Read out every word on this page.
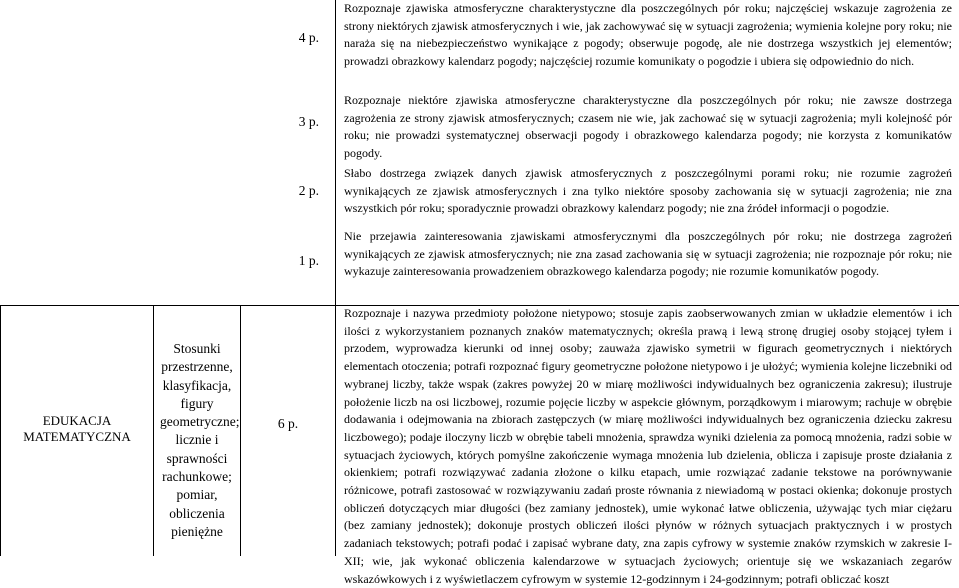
4 p.

Rozpoznaje zjawiska atmosferyczne charakterystyczne dla poszczególnych pór roku; najczęściej wskazuje zagrożenia ze strony niektórych zjawisk atmosferycznych i wie, jak zachowywać się w sytuacji zagrożenia; wymienia kolejne pory roku; nie naraża się na niebezpieczeństwo wynikające z pogody; obserwuje pogodę, ale nie dostrzega wszystkich jej elementów; prowadzi obrazkowy kalendarz pogody; najczęściej rozumie komunikaty o pogodzie i ubiera się odpowiednio do nich.

3 p.

Rozpoznaje niektóre zjawiska atmosferyczne charakterystyczne dla poszczególnych pór roku; nie zawsze dostrzega zagrożenia ze strony zjawisk atmosferycznych; czasem nie wie, jak zachować się w sytuacji zagrożenia; myli kolejność pór roku; nie prowadzi systematycznej obserwacji pogody i obrazkowego kalendarza pogody; nie korzysta z komunikatów pogody.

2 p.

Słabo dostrzega związek danych zjawisk atmosferycznych z poszczególnymi porami roku; nie rozumie zagrożeń wynikających ze zjawisk atmosferycznych i zna tylko niektóre sposoby zachowania się w sytuacji zagrożenia; nie zna wszystkich pór roku; sporadycznie prowadzi obrazkowy kalendarz pogody; nie zna źródeł informacji o pogodzie.

1 p.

Nie przejawia zainteresowania zjawiskami atmosferycznymi dla poszczególnych pór roku; nie dostrzega zagrożeń wynikających ze zjawisk atmosferycznych; nie zna zasad zachowania się w sytuacji zagrożenia; nie rozpoznaje pór roku; nie wykazuje zainteresowania prowadzeniem obrazkowego kalendarza pogody; nie rozumie komunikatów pogody.

EDUKACJA MATEMATYCZNA
Stosunki przestrzenne, klasyfikacja, figury geometryczne; licznie i sprawności rachunkowe; pomiar, obliczenia pieniężne
6 p.

Rozpoznaje i nazywa przedmioty położone nietypowo; stosuje zapis zaobserwowanych zmian w układzie elementów i ich ilości z wykorzystaniem poznanych znaków matematycznych; określa prawą i lewą stronę drugiej osoby stojącej tyłem i przodem, wyprowadza kierunki od innej osoby; zauważa zjawisko symetrii w figurach geometrycznych i niektórych elementach otoczenia; potrafi rozpoznać figury geometryczne położone nietypowo i je ułożyć; wymienia kolejne liczebniki od wybranej liczby, także wspak (zakres powyżej 20 w miarę możliwości indywidualnych bez ograniczenia zakresu); ilustruje położenie liczb na osi liczbowej, rozumie pojęcie liczby w aspekcie głównym, porządkowym i miarowym; rachuje w obrębie dodawania i odejmowania na zbiorach zastępczych (w miarę możliwości indywidualnych bez ograniczenia dziecku zakresu liczbowego); podaje iloczyny liczb w obrębie tabeli mnożenia, sprawdza wyniki dzielenia za pomocą mnożenia, radzi sobie w sytuacjach życiowych, których pomyślne zakończenie wymaga mnożenia lub dzielenia, oblicza i zapisuje proste działania z okienkiem; potrafi rozwiązywać zadania złożone o kilku etapach, umie rozwiązać zadanie tekstowe na porównywanie różnicowe, potrafi zastosować w rozwiązywaniu zadań proste równania z niewiadomą w postaci okienka; dokonuje prostych obliczeń dotyczących miar długości (bez zamiany jednostek), umie wykonać łatwe obliczenia, używając tych miar ciężaru (bez zamiany jednostek); dokonuje prostych obliczeń ilości płynów w różnych sytuacjach praktycznych i w prostych zadaniach tekstowych; potrafi podać i zapisać wybrane daty, zna zapis cyfrowy w systemie znaków rzymskich w zakresie I-XII; wie, jak wykonać obliczenia kalendarzowe w sytuacjach życiowych; orientuje się we wskazaniach zegarów wskazówkowych i z wyświetlaczem cyfrowym w systemie 12-godzinnym i 24-godzinnym; potrafi obliczać koszt
